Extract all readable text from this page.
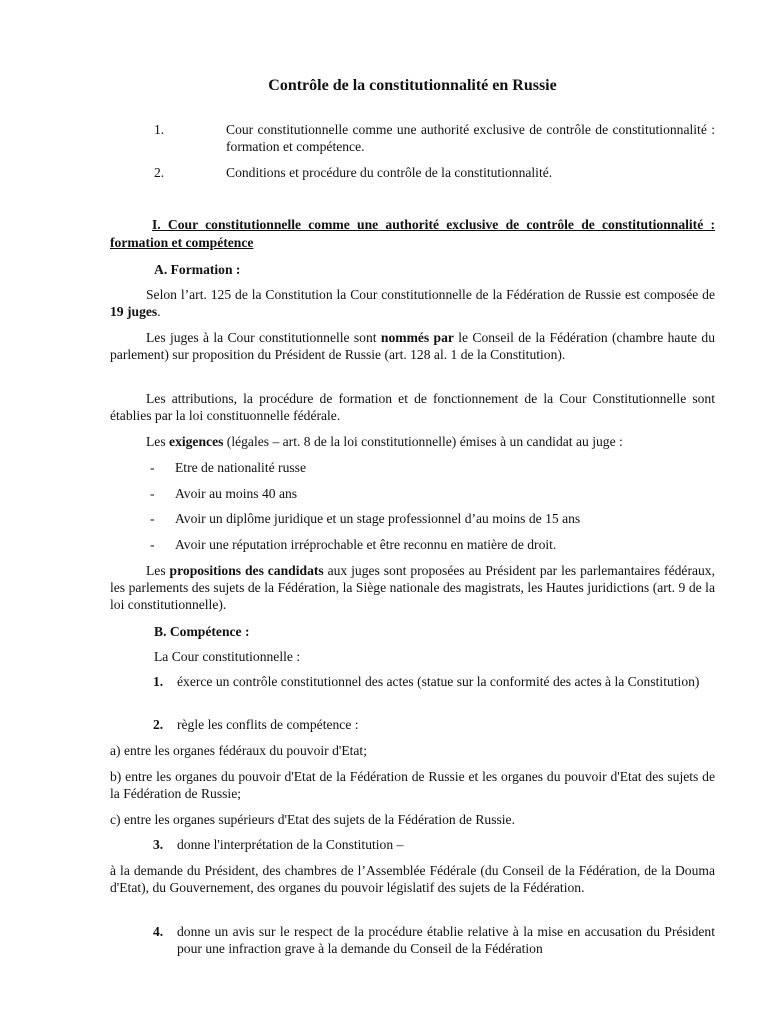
Contrôle de la constitutionnalité en Russie
1.	Cour constitutionnelle comme une authorité exclusive de contrôle de constitutionnalité : formation et compétence.
2.	Conditions et procédure du contrôle de la constitutionnalité.
I. Cour constitutionnelle comme une authorité exclusive de contrôle de constitutionnalité : formation et compétence
A. Formation :
Selon l’art. 125 de la Constitution la Cour constitutionnelle de la Fédération de Russie est composée de 19 juges.
Les juges à la Cour constitutionnelle sont nommés par le Conseil de la Fédération (chambre haute du parlement) sur proposition du Président de Russie (art. 128 al. 1 de la Constitution).
Les attributions, la procédure de formation et de fonctionnement de la Cour Constitutionnelle sont établies par la loi constituonnelle fédérale.
Les exigences (légales – art. 8 de la loi constitutionnelle) émises à un candidat au juge :
- Etre de nationalité russe
- Avoir au moins 40 ans
- Avoir un diplôme juridique et un stage professionnel d’au moins de 15 ans
- Avoir une réputation irréprochable et être reconnu en matière de droit.
Les propositions des candidats aux juges sont proposées au Président par les parlemantaires fédéraux, les parlements des sujets de la Fédération, la Siège nationale des magistrats, les Hautes juridictions (art. 9 de la loi constitutionnelle).
B. Compétence :
La Cour constitutionnelle :
1. éxerce un contrôle constitutionnel des actes (statue sur la conformité des actes à la Constitution)
2. règle les conflits de compétence :
a) entre les organes fédéraux du pouvoir d'Etat;
b) entre les organes du pouvoir d'Etat de la Fédération de Russie et les organes du pouvoir d'Etat des sujets de la Fédération de Russie;
c) entre les organes supérieurs d'Etat des sujets de la Fédération de Russie.
3. donne l'interprétation de la Constitution –
à la demande du Président, des chambres de l’Assemblée Fédérale (du Conseil de la Fédération, de la Douma d'Etat), du Gouvernement, des organes du pouvoir législatif des sujets de la Fédération.
4. donne un avis sur le respect de la procédure établie relative à la mise en accusation du Président pour une infraction grave à la demande du Conseil de la Fédération
